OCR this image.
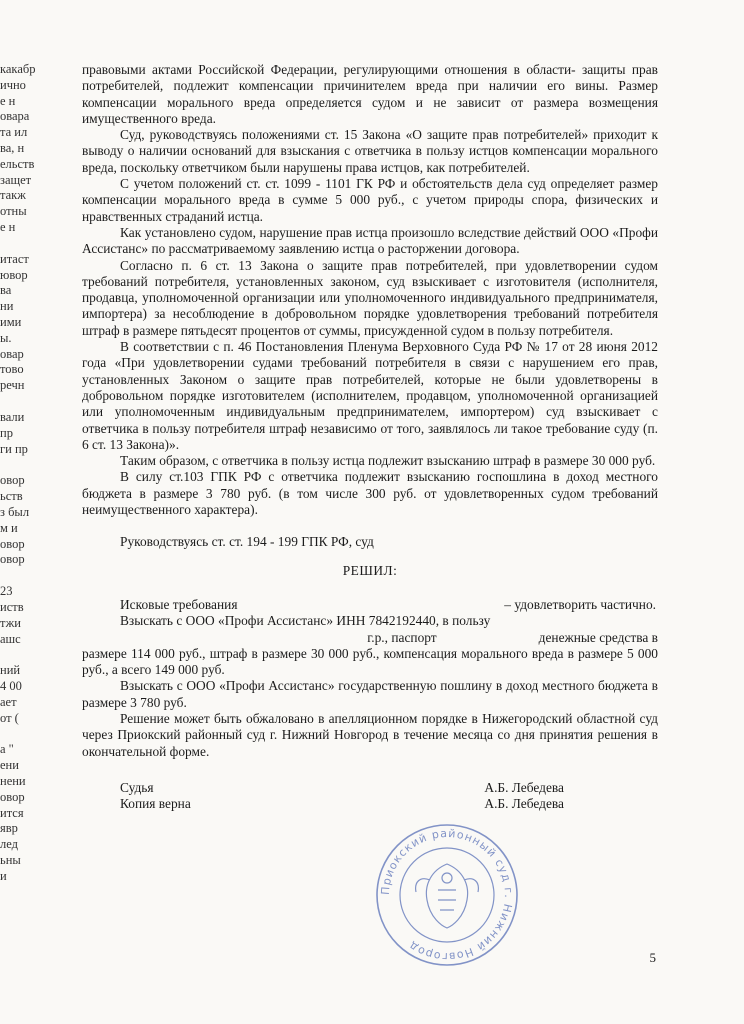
какабр
ично
е н
овара
та ил
ва, н
ельств
защет
такж
отны
е н
итаст
ювор
ва
ни
ими
ы.
овар
тово
речн
вали
пр
ги пр
овор
ьств
з был
м и
овор
овор
23
иств
тжи
ашс
ний
4 00
ает
от (
а "
ени
нени
овор
ится
явр
лед
ьны
и

правовыми актами Российской Федерации, регулирующими отношения в области- защиты прав потребителей, подлежит компенсации причинителем вреда при наличии его вины. Размер компенсации морального вреда определяется судом и не зависит от размера возмещения имущественного вреда.

Суд, руководствуясь положениями ст. 15 Закона «О защите прав потребителей» приходит к выводу о наличии оснований для взыскания с ответчика в пользу истцов компенсации морального вреда, поскольку ответчиком были нарушены права истцов, как потребителей.

С учетом положений ст. ст. 1099 - 1101 ГК РФ и обстоятельств дела суд определяет размер компенсации морального вреда в сумме 5 000 руб., с учетом природы спора, физических и нравственных страданий истца.

Как установлено судом, нарушение прав истца произошло вследствие действий ООО «Профи Ассистанс» по рассматриваемому заявлению истца о расторжении договора.

Согласно п. 6 ст. 13 Закона о защите прав потребителей, при удовлетворении судом требований потребителя, установленных законом, суд взыскивает с изготовителя (исполнителя, продавца, уполномоченной организации или уполномоченного индивидуального предпринимателя, импортера) за несоблюдение в добровольном порядке удовлетворения требований потребителя штраф в размере пятьдесят процентов от суммы, присужденной судом в пользу потребителя.

В соответствии с п. 46 Постановления Пленума Верховного Суда РФ № 17 от 28 июня 2012 года «При удовлетворении судами требований потребителя в связи с нарушением его прав, установленных Законом о защите прав потребителей, которые не были удовлетворены в добровольном порядке изготовителем (исполнителем, продавцом, уполномоченной организацией или уполномоченным индивидуальным предпринимателем, импортером) суд взыскивает с ответчика в пользу потребителя штраф независимо от того, заявлялось ли такое требование суду (п. 6 ст. 13 Закона)».

Таким образом, с ответчика в пользу истца подлежит взысканию штраф в размере 30 000 руб.

В силу ст.103 ГПК РФ с ответчика подлежит взысканию госпошлина в доход местного бюджета в размере 3 780 руб. (в том числе 300 руб. от удовлетворенных судом требований неимущественного характера).

Руководствуясь ст. ст. 194 - 199 ГПК РФ, суд

РЕШИЛ:
Исковые требования	– удовлетворить частично.

Взыскать с ООО «Профи Ассистанс» ИНН 7842192440, в пользу

г.р., паспорт	денежные средства в

размере 114 000 руб., штраф в размере 30 000 руб., компенсация морального вреда в размере 5 000 руб., а всего 149 000 руб.

Взыскать с ООО «Профи Ассистанс» государственную пошлину в доход местного бюджета в размере 3 780 руб.

Решение может быть обжаловано в апелляционном порядке в Нижегородский областной суд через Приокский районный суд г. Нижний Новгород в течение месяца со дня принятия решения в окончательной форме.

Судья	А.Б. Лебедева
Копия верна	А.Б. Лебедева
Приокский районный суд г. Нижний Новгород
5
